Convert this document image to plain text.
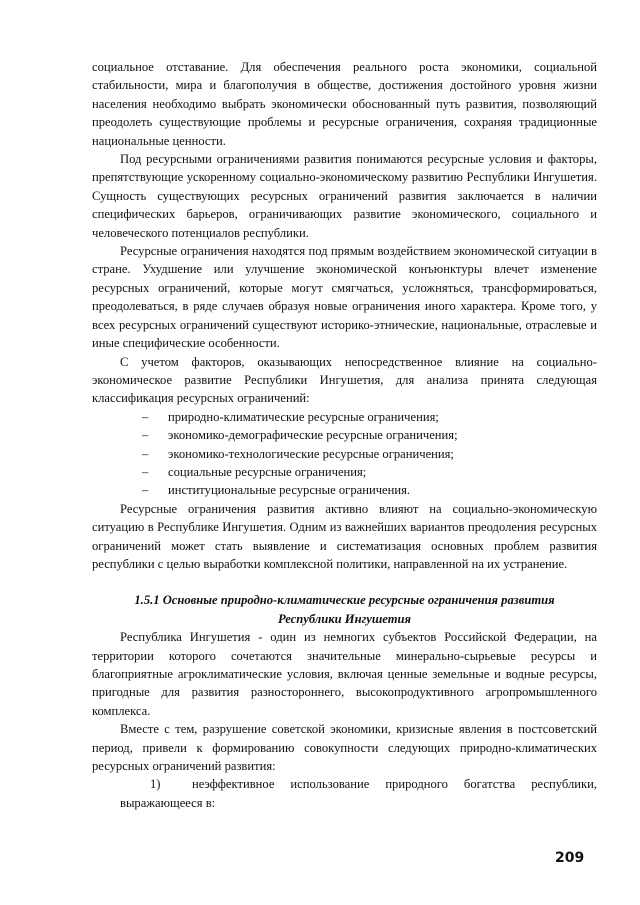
социальное отставание. Для обеспечения реального роста экономики, социальной стабильности, мира и благополучия в обществе, достижения достойного уровня жизни населения необходимо выбрать экономически обоснованный путь развития, позволяющий преодолеть существующие проблемы и ресурсные ограничения, сохраняя традиционные национальные ценности.

Под ресурсными ограничениями развития понимаются ресурсные условия и факторы, препятствующие ускоренному социально-экономическому развитию Республики Ингушетия. Сущность существующих ресурсных ограничений развития заключается в наличии специфических барьеров, ограничивающих развитие экономического, социального и человеческого потенциалов республики.

Ресурсные ограничения находятся под прямым воздействием экономической ситуации в стране. Ухудшение или улучшение экономической конъюнктуры влечет изменение ресурсных ограничений, которые могут смягчаться, усложняться, трансформироваться, преодолеваться, в ряде случаев образуя новые ограничения иного характера. Кроме того, у всех ресурсных ограничений существуют историко-этнические, национальные, отраслевые и иные специфические особенности.

С учетом факторов, оказывающих непосредственное влияние на социально-экономическое развитие Республики Ингушетия, для анализа принята следующая классификация ресурсных ограничений:

– природно-климатические ресурсные ограничения;
– экономико-демографические ресурсные ограничения;
– экономико-технологические ресурсные ограничения;
– социальные ресурсные ограничения;
– институциональные ресурсные ограничения.

Ресурсные ограничения развития активно влияют на социально-экономическую ситуацию в Республике Ингушетия. Одним из важнейших вариантов преодоления ресурсных ограничений может стать выявление и систематизация основных проблем развития республики с целью выработки комплексной политики, направленной на их устранение.

1.5.1 Основные природно-климатические ресурсные ограничения развития
Республики Ингушетия

Республика Ингушетия - один из немногих субъектов Российской Федерации, на территории которого сочетаются значительные минерально-сырьевые ресурсы и благоприятные агроклиматические условия, включая ценные земельные и водные ресурсы, пригодные для развития разностороннего, высокопродуктивного агропромышленного комплекса.

Вместе с тем, разрушение советской экономики, кризисные явления в постсоветский период, привели к формированию совокупности следующих природно-климатических ресурсных ограничений развития:

1)	неэффективное использование природного богатства республики, выражающееся в:

209
